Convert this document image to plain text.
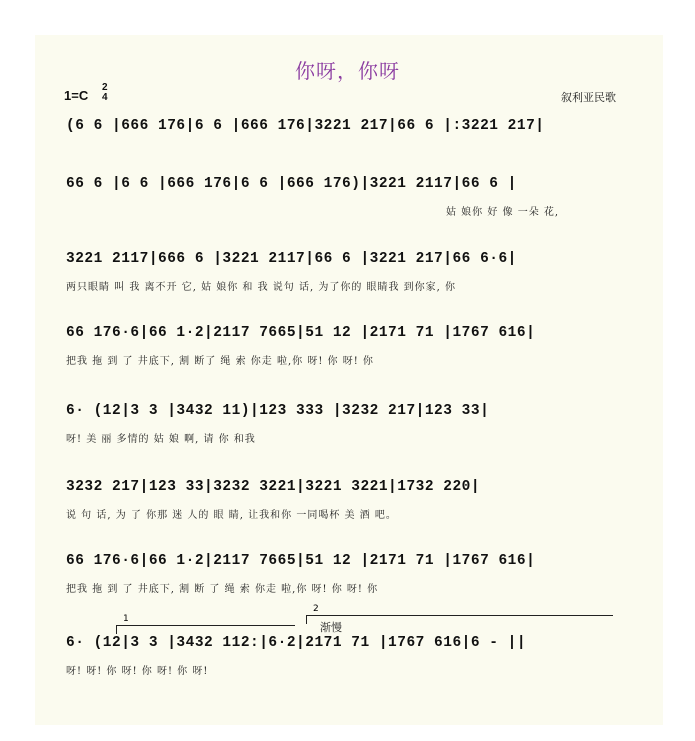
你呀，你呀
1=C
2
4	叙利亚民歌
(6 6 |666 176|6 6 |666 176|3221 217|66 6 |:3221 217|
66 6 |6 6 |666 176|6 6 |666 176)|3221 2117|66 6 |
姑 娘你 好 像 一朵 花,
3221 2117|666 6 |3221 2117|66 6 |3221 217|66 6·6|
两只眼睛 叫 我 离不开 它, 姑 娘你 和 我 说句 话, 为了你的 眼睛我 到你家, 你
66 176·6|66 1·2|2117 7665|51 12 |2171 71 |1767 616|
把我 拖 到 了 井底下, 割 断了 绳 索 你走 啦,你 呀! 你 呀! 你
6· (12|3 3 |3432 11)|123 333 |3232 217|123 33|
呀! 美 丽 多情的 姑 娘 啊, 请 你 和我
3232 217|123 33|3232 3221|3221 3221|1732 220|
说 句 话, 为 了 你那 迷 人的 眼 睛, 让我和你 一同喝杯 美 酒 吧。
66 176·6|66 1·2|2117 7665|51 12 |2171 71 |1767 616|
把我 拖 到 了 井底下, 割 断 了 绳 索 你走 啦,你 呀! 你 呀! 你
1
2
渐慢
6· (12|3 3 |3432 112:|6·2|2171 71 |1767 616|6 - ||
呀! 呀! 你 呀! 你 呀! 你 呀!
